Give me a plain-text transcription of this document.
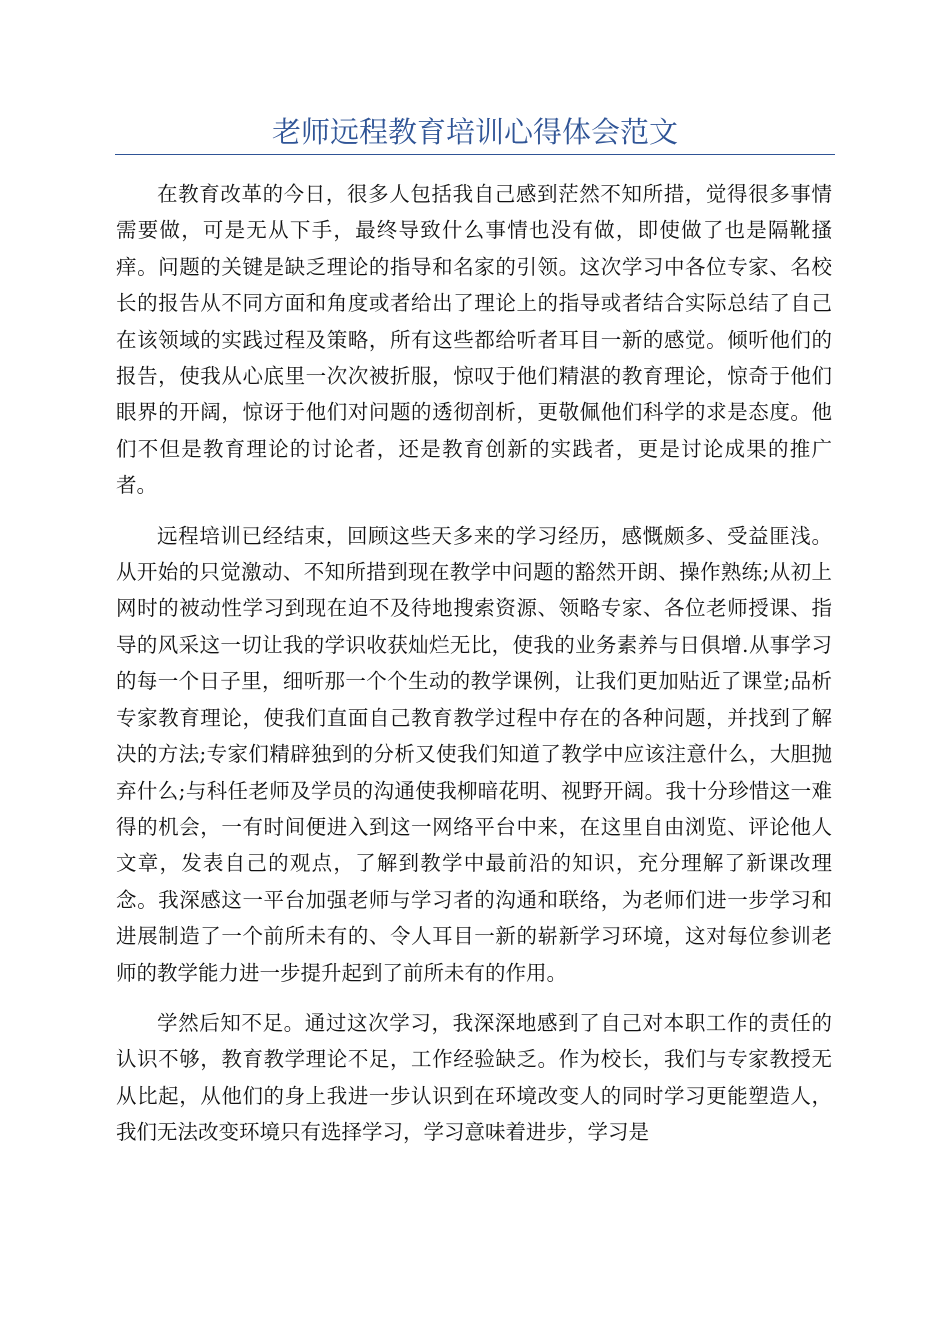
老师远程教育培训心得体会范文

在教育改革的今日，很多人包括我自己感到茫然不知所措，觉得很多事情需要做，可是无从下手，最终导致什么事情也没有做，即使做了也是隔靴搔痒。问题的关键是缺乏理论的指导和名家的引领。这次学习中各位专家、名校长的报告从不同方面和角度或者给出了理论上的指导或者结合实际总结了自己在该领域的实践过程及策略，所有这些都给听者耳目一新的感觉。倾听他们的报告，使我从心底里一次次被折服，惊叹于他们精湛的教育理论，惊奇于他们眼界的开阔，惊讶于他们对问题的透彻剖析，更敬佩他们科学的求是态度。他们不但是教育理论的讨论者，还是教育创新的实践者，更是讨论成果的推广者。

远程培训已经结束，回顾这些天多来的学习经历，感慨颇多、受益匪浅。从开始的只觉激动、不知所措到现在教学中问题的豁然开朗、操作熟练;从初上网时的被动性学习到现在迫不及待地搜索资源、领略专家、各位老师授课、指导的风采这一切让我的学识收获灿烂无比，使我的业务素养与日俱增.从事学习的每一个日子里，细听那一个个生动的教学课例，让我们更加贴近了课堂;品析专家教育理论，使我们直面自己教育教学过程中存在的各种问题，并找到了解决的方法;专家们精辟独到的分析又使我们知道了教学中应该注意什么，大胆抛弃什么;与科任老师及学员的沟通使我柳暗花明、视野开阔。我十分珍惜这一难得的机会，一有时间便进入到这一网络平台中来，在这里自由浏览、评论他人文章，发表自己的观点，了解到教学中最前沿的知识，充分理解了新课改理念。我深感这一平台加强老师与学习者的沟通和联络，为老师们进一步学习和进展制造了一个前所未有的、令人耳目一新的崭新学习环境，这对每位参训老师的教学能力进一步提升起到了前所未有的作用。

学然后知不足。通过这次学习，我深深地感到了自己对本职工作的责任的认识不够，教育教学理论不足，工作经验缺乏。作为校长，我们与专家教授无从比起，从他们的身上我进一步认识到在环境改变人的同时学习更能塑造人，我们无法改变环境只有选择学习，学习意味着进步，学习是
